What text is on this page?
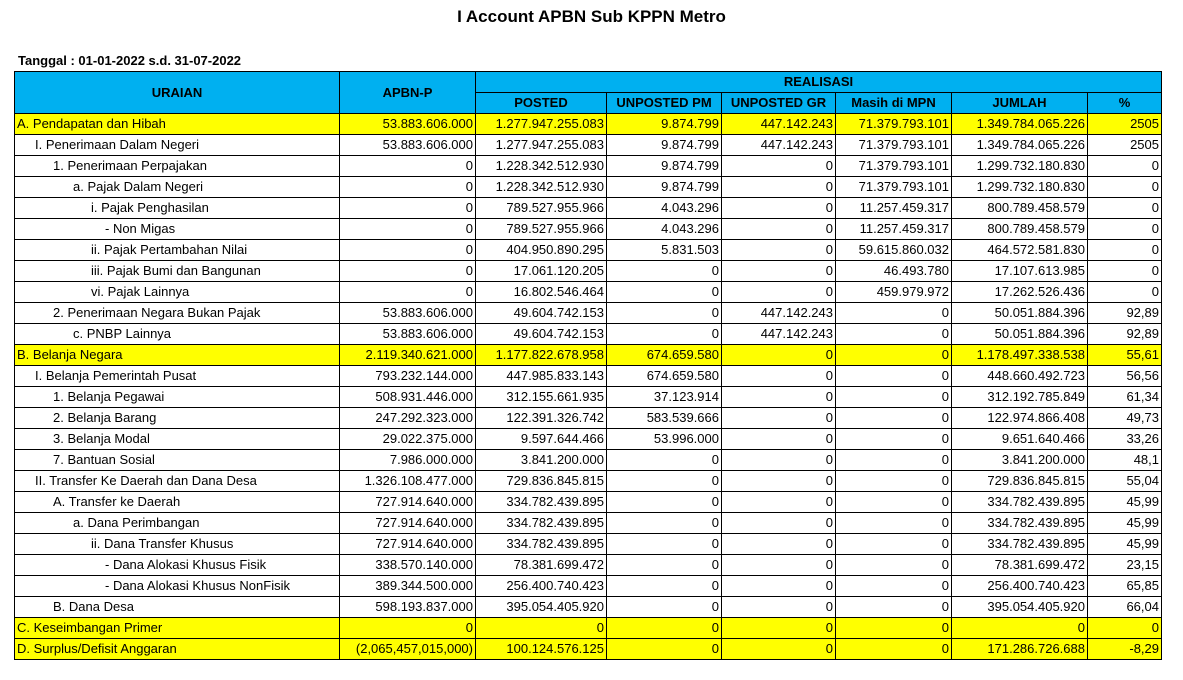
I Account APBN Sub KPPN Metro
Tanggal : 01-01-2022 s.d. 31-07-2022
URAIAN	APBN-P	REALISASI					
		POSTED	UNPOSTED PM	UNPOSTED GR	Masih di MPN	JUMLAH	%
A. Pendapatan dan Hibah	53.883.606.000	1.277.947.255.083	9.874.799	447.142.243	71.379.793.101	1.349.784.065.226	2505
I. Penerimaan Dalam Negeri	53.883.606.000	1.277.947.255.083	9.874.799	447.142.243	71.379.793.101	1.349.784.065.226	2505
1. Penerimaan Perpajakan	0	1.228.342.512.930	9.874.799	0	71.379.793.101	1.299.732.180.830	0
a. Pajak Dalam Negeri	0	1.228.342.512.930	9.874.799	0	71.379.793.101	1.299.732.180.830	0
i. Pajak Penghasilan	0	789.527.955.966	4.043.296	0	11.257.459.317	800.789.458.579	0
- Non Migas	0	789.527.955.966	4.043.296	0	11.257.459.317	800.789.458.579	0
ii. Pajak Pertambahan Nilai	0	404.950.890.295	5.831.503	0	59.615.860.032	464.572.581.830	0
iii. Pajak Bumi dan Bangunan	0	17.061.120.205	0	0	46.493.780	17.107.613.985	0
vi. Pajak Lainnya	0	16.802.546.464	0	0	459.979.972	17.262.526.436	0
2. Penerimaan Negara Bukan Pajak	53.883.606.000	49.604.742.153	0	447.142.243	0	50.051.884.396	92,89
c. PNBP Lainnya	53.883.606.000	49.604.742.153	0	447.142.243	0	50.051.884.396	92,89
B. Belanja Negara	2.119.340.621.000	1.177.822.678.958	674.659.580	0	0	1.178.497.338.538	55,61
I. Belanja Pemerintah Pusat	793.232.144.000	447.985.833.143	674.659.580	0	0	448.660.492.723	56,56
1. Belanja Pegawai	508.931.446.000	312.155.661.935	37.123.914	0	0	312.192.785.849	61,34
2. Belanja Barang	247.292.323.000	122.391.326.742	583.539.666	0	0	122.974.866.408	49,73
3. Belanja Modal	29.022.375.000	9.597.644.466	53.996.000	0	0	9.651.640.466	33,26
7. Bantuan Sosial	7.986.000.000	3.841.200.000	0	0	0	3.841.200.000	48,1
II. Transfer Ke Daerah dan Dana Desa	1.326.108.477.000	729.836.845.815	0	0	0	729.836.845.815	55,04
A. Transfer ke Daerah	727.914.640.000	334.782.439.895	0	0	0	334.782.439.895	45,99
a. Dana Perimbangan	727.914.640.000	334.782.439.895	0	0	0	334.782.439.895	45,99
ii. Dana Transfer Khusus	727.914.640.000	334.782.439.895	0	0	0	334.782.439.895	45,99
- Dana Alokasi Khusus Fisik	338.570.140.000	78.381.699.472	0	0	0	78.381.699.472	23,15
- Dana Alokasi Khusus NonFisik	389.344.500.000	256.400.740.423	0	0	0	256.400.740.423	65,85
B. Dana Desa	598.193.837.000	395.054.405.920	0	0	0	395.054.405.920	66,04
C. Keseimbangan Primer	0	0	0	0	0	0	0
D. Surplus/Defisit Anggaran	(2,065,457,015,000)	100.124.576.125	0	0	0	171.286.726.688	-8,29
